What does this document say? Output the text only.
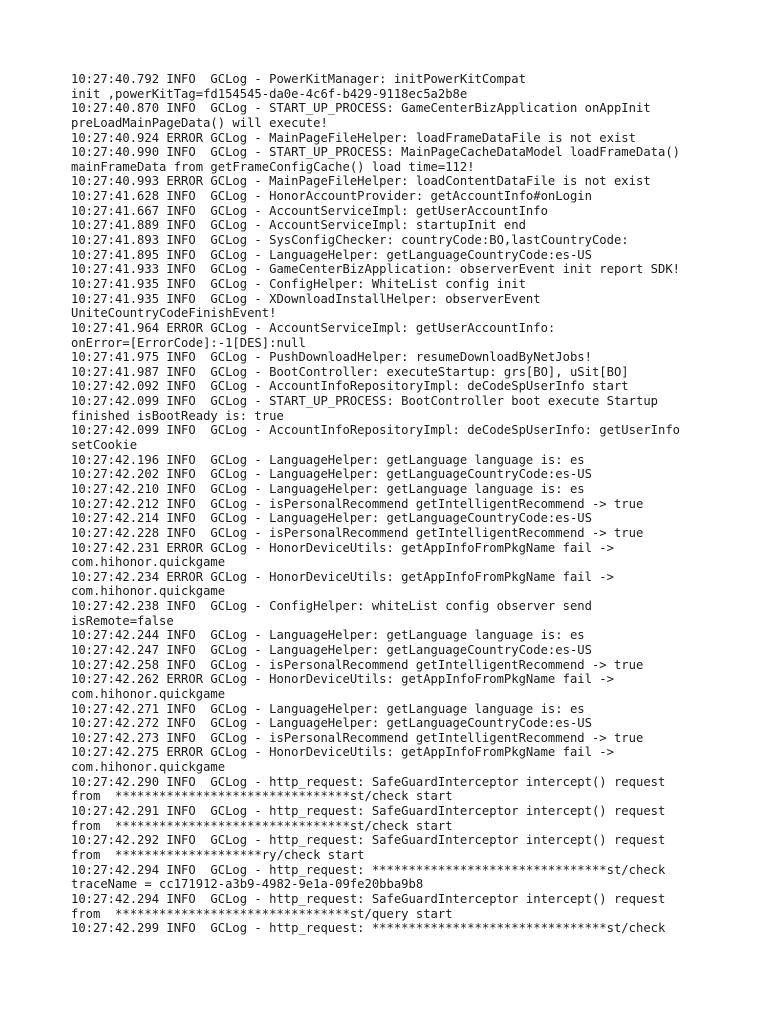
10:27:40.792 INFO  GCLog - PowerKitManager: initPowerKitCompat
init ,powerKitTag=fd154545-da0e-4c6f-b429-9118ec5a2b8e
10:27:40.870 INFO  GCLog - START_UP_PROCESS: GameCenterBizApplication onAppInit
preLoadMainPageData() will execute!
10:27:40.924 ERROR GCLog - MainPageFileHelper: loadFrameDataFile is not exist
10:27:40.990 INFO  GCLog - START_UP_PROCESS: MainPageCacheDataModel loadFrameData()
mainFrameData from getFrameConfigCache() load time=112!
10:27:40.993 ERROR GCLog - MainPageFileHelper: loadContentDataFile is not exist
10:27:41.628 INFO  GCLog - HonorAccountProvider: getAccountInfo#onLogin
10:27:41.667 INFO  GCLog - AccountServiceImpl: getUserAccountInfo
10:27:41.889 INFO  GCLog - AccountServiceImpl: startupInit end
10:27:41.893 INFO  GCLog - SysConfigChecker: countryCode:BO,lastCountryCode:
10:27:41.895 INFO  GCLog - LanguageHelper: getLanguageCountryCode:es-US
10:27:41.933 INFO  GCLog - GameCenterBizApplication: observerEvent init report SDK!
10:27:41.935 INFO  GCLog - ConfigHelper: WhiteList config init
10:27:41.935 INFO  GCLog - XDownloadInstallHelper: observerEvent
UniteCountryCodeFinishEvent!
10:27:41.964 ERROR GCLog - AccountServiceImpl: getUserAccountInfo:
onError=[ErrorCode]:-1[DES]:null
10:27:41.975 INFO  GCLog - PushDownloadHelper: resumeDownloadByNetJobs!
10:27:41.987 INFO  GCLog - BootController: executeStartup: grs[BO], uSit[BO]
10:27:42.092 INFO  GCLog - AccountInfoRepositoryImpl: deCodeSpUserInfo start
10:27:42.099 INFO  GCLog - START_UP_PROCESS: BootController boot execute Startup
finished isBootReady is: true
10:27:42.099 INFO  GCLog - AccountInfoRepositoryImpl: deCodeSpUserInfo: getUserInfo
setCookie
10:27:42.196 INFO  GCLog - LanguageHelper: getLanguage language is: es
10:27:42.202 INFO  GCLog - LanguageHelper: getLanguageCountryCode:es-US
10:27:42.210 INFO  GCLog - LanguageHelper: getLanguage language is: es
10:27:42.212 INFO  GCLog - isPersonalRecommend getIntelligentRecommend -> true
10:27:42.214 INFO  GCLog - LanguageHelper: getLanguageCountryCode:es-US
10:27:42.228 INFO  GCLog - isPersonalRecommend getIntelligentRecommend -> true
10:27:42.231 ERROR GCLog - HonorDeviceUtils: getAppInfoFromPkgName fail ->
com.hihonor.quickgame
10:27:42.234 ERROR GCLog - HonorDeviceUtils: getAppInfoFromPkgName fail ->
com.hihonor.quickgame
10:27:42.238 INFO  GCLog - ConfigHelper: whiteList config observer send
isRemote=false
10:27:42.244 INFO  GCLog - LanguageHelper: getLanguage language is: es
10:27:42.247 INFO  GCLog - LanguageHelper: getLanguageCountryCode:es-US
10:27:42.258 INFO  GCLog - isPersonalRecommend getIntelligentRecommend -> true
10:27:42.262 ERROR GCLog - HonorDeviceUtils: getAppInfoFromPkgName fail ->
com.hihonor.quickgame
10:27:42.271 INFO  GCLog - LanguageHelper: getLanguage language is: es
10:27:42.272 INFO  GCLog - LanguageHelper: getLanguageCountryCode:es-US
10:27:42.273 INFO  GCLog - isPersonalRecommend getIntelligentRecommend -> true
10:27:42.275 ERROR GCLog - HonorDeviceUtils: getAppInfoFromPkgName fail ->
com.hihonor.quickgame
10:27:42.290 INFO  GCLog - http_request: SafeGuardInterceptor intercept() request
from  ********************************st/check start
10:27:42.291 INFO  GCLog - http_request: SafeGuardInterceptor intercept() request
from  ********************************st/check start
10:27:42.292 INFO  GCLog - http_request: SafeGuardInterceptor intercept() request
from  ********************ry/check start
10:27:42.294 INFO  GCLog - http_request: ********************************st/check
traceName = cc171912-a3b9-4982-9e1a-09fe20bba9b8
10:27:42.294 INFO  GCLog - http_request: SafeGuardInterceptor intercept() request
from  ********************************st/query start
10:27:42.299 INFO  GCLog - http_request: ********************************st/check
